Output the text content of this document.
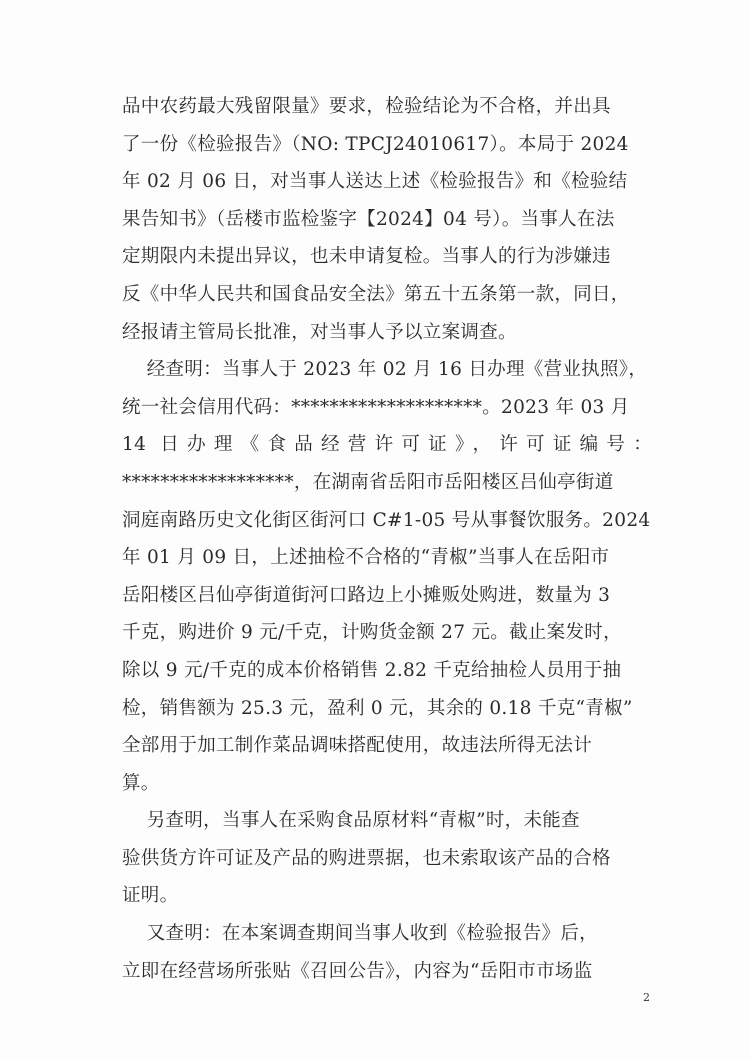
品中农药最大残留限量》要求，检验结论为不合格，并出具
了一份《检验报告》（NO: TPCJ24010617）。本局于 2024
年 02 月 06 日，对当事人送达上述《检验报告》和《检验结
果告知书》（岳楼市监检鉴字【2024】04 号）。当事人在法
定期限内未提出异议，也未申请复检。当事人的行为涉嫌违
反《中华人民共和国食品安全法》第五十五条第一款，同日，
经报请主管局长批准，对当事人予以立案调查。
经查明：当事人于 2023 年 02 月 16 日办理《营业执照》，
统一社会信用代码：********************。2023 年 03 月
14 日办理《食品经营许可证》，许可证编号：
******************，在湖南省岳阳市岳阳楼区吕仙亭街道
洞庭南路历史文化街区街河口 C#1-05 号从事餐饮服务。2024
年 01 月 09 日，上述抽检不合格的“青椒”当事人在岳阳市
岳阳楼区吕仙亭街道街河口路边上小摊贩处购进，数量为 3
千克，购进价 9 元/千克，计购货金额 27 元。截止案发时，
除以 9 元/千克的成本价格销售 2.82 千克给抽检人员用于抽
检，销售额为 25.3 元，盈利 0 元，其余的 0.18 千克“青椒”
全部用于加工制作菜品调味搭配使用，故违法所得无法计
算。
另查明，当事人在采购食品原材料“青椒”时，未能查
验供货方许可证及产品的购进票据，也未索取该产品的合格
证明。
又查明：在本案调查期间当事人收到《检验报告》后，
立即在经营场所张贴《召回公告》，内容为“岳阳市市场监
2
